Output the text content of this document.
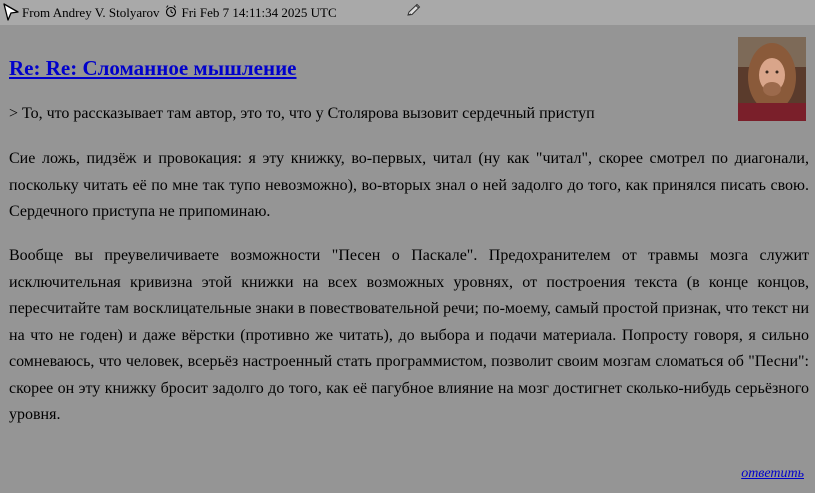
From Andrey V. Stolyarov Fri Feb 7 14:11:34 2025 UTC
Re: Re: Сломанное мышление

> То, что рассказывает там автор, это то, что у Столярова вызовит сердечный приступ

Сие ложь, пидзёж и провокация: я эту книжку, во-первых, читал (ну как "читал", скорее смотрел по диагонали, поскольку читать её по мне так тупо невозможно), во-вторых знал о ней задолго до того, как принялся писать свою. Сердечного приступа не припоминаю.

Вообще вы преувеличиваете возможности "Песен о Паскале". Предохранителем от травмы мозга служит исключительная кривизна этой книжки на всех возможных уровнях, от построения текста (в конце концов, пересчитайте там восклицательные знаки в повествовательной речи; по-моему, самый простой признак, что текст ни на что не годен) и даже вёрстки (противно же читать), до выбора и подачи материала. Попросту говоря, я сильно сомневаюсь, что человек, всерьёз настроенный стать программистом, позволит своим мозгам сломаться об "Песни": скорее он эту книжку бросит задолго до того, как её пагубное влияние на мозг достигнет сколько-нибудь серьёзного уровня.

ответить
